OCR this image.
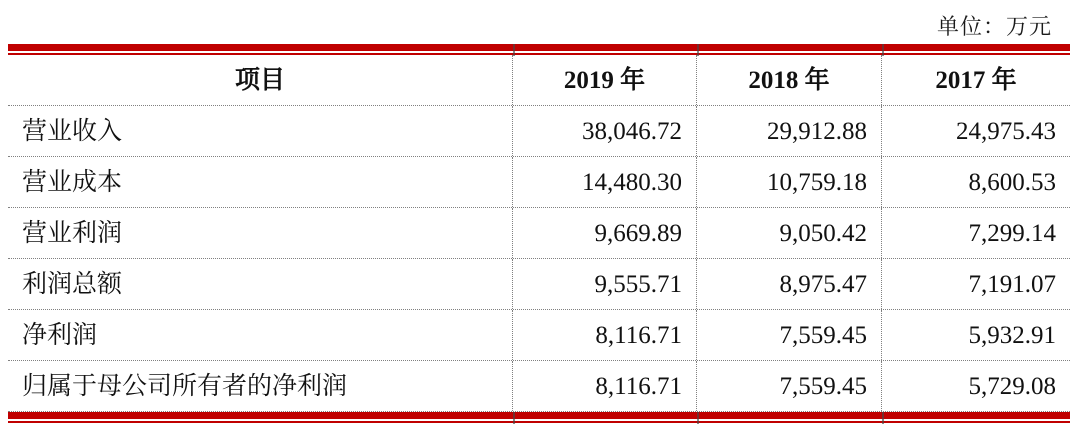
单位：万元
项目	2019 年	2018 年	2017 年
营业收入	38,046.72	29,912.88	24,975.43
营业成本	14,480.30	10,759.18	8,600.53
营业利润	9,669.89	9,050.42	7,299.14
利润总额	9,555.71	8,975.47	7,191.07
净利润	8,116.71	7,559.45	5,932.91
归属于母公司所有者的净利润	8,116.71	7,559.45	5,729.08
